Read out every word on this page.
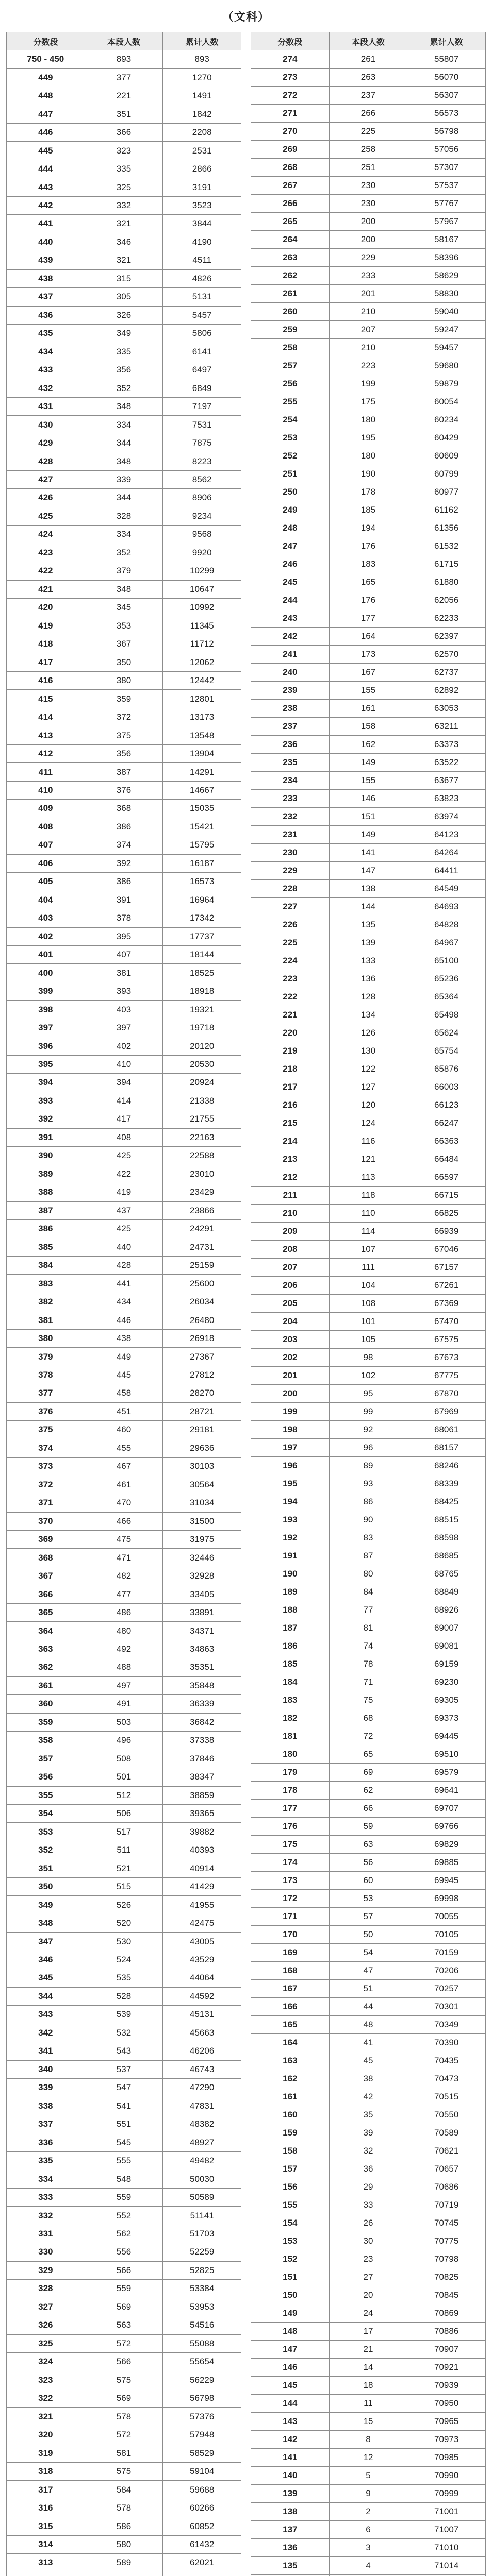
（文科）
分数段	本段人数	累计人数
750 - 450	893	893
449	377	1270
448	221	1491
447	351	1842
446	366	2208
445	323	2531
444	335	2866
443	325	3191
442	332	3523
441	321	3844
440	346	4190
439	321	4511
438	315	4826
437	305	5131
436	326	5457
435	349	5806
434	335	6141
433	356	6497
432	352	6849
431	348	7197
430	334	7531
429	344	7875
428	348	8223
427	339	8562
426	344	8906
425	328	9234
424	334	9568
423	352	9920
422	379	10299
421	348	10647
420	345	10992
419	353	11345
418	367	11712
417	350	12062
416	380	12442
415	359	12801
414	372	13173
413	375	13548
412	356	13904
411	387	14291
410	376	14667
409	368	15035
408	386	15421
407	374	15795
406	392	16187
405	386	16573
404	391	16964
403	378	17342
402	395	17737
401	407	18144
400	381	18525
399	393	18918
398	403	19321
397	397	19718
396	402	20120
395	410	20530
394	394	20924
393	414	21338
392	417	21755
391	408	22163
390	425	22588
389	422	23010
388	419	23429
387	437	23866
386	425	24291
385	440	24731
384	428	25159
383	441	25600
382	434	26034
381	446	26480
380	438	26918
379	449	27367
378	445	27812
377	458	28270
376	451	28721
375	460	29181
374	455	29636
373	467	30103
372	461	30564
371	470	31034
370	466	31500
369	475	31975
368	471	32446
367	482	32928
366	477	33405
365	486	33891
364	480	34371
363	492	34863
362	488	35351
361	497	35848
360	491	36339
359	503	36842
358	496	37338
357	508	37846
356	501	38347
355	512	38859
354	506	39365
353	517	39882
352	511	40393
351	521	40914
350	515	41429
349	526	41955
348	520	42475
347	530	43005
346	524	43529
345	535	44064
344	528	44592
343	539	45131
342	532	45663
341	543	46206
340	537	46743
339	547	47290
338	541	47831
337	551	48382
336	545	48927
335	555	49482
334	548	50030
333	559	50589
332	552	51141
331	562	51703
330	556	52259
329	566	52825
328	559	53384
327	569	53953
326	563	54516
325	572	55088
324	566	55654
323	575	56229
322	569	56798
321	578	57376
320	572	57948
319	581	58529
318	575	59104
317	584	59688
316	578	60266
315	586	60852
314	580	61432
313	589	62021

分数段	本段人数	累计人数
274	261	55807
273	263	56070
272	237	56307
271	266	56573
270	225	56798
269	258	57056
268	251	57307
267	230	57537
266	230	57767
265	200	57967
264	200	58167
263	229	58396
262	233	58629
261	201	58830
260	210	59040
259	207	59247
258	210	59457
257	223	59680
256	199	59879
255	175	60054
254	180	60234
253	195	60429
252	180	60609
251	190	60799
250	178	60977
249	185	61162
248	194	61356
247	176	61532
246	183	61715
245	165	61880
244	176	62056
243	177	62233
242	164	62397
241	173	62570
240	167	62737
239	155	62892
238	161	63053
237	158	63211
236	162	63373
235	149	63522
234	155	63677
233	146	63823
232	151	63974
231	149	64123
230	141	64264
229	147	64411
228	138	64549
227	144	64693
226	135	64828
225	139	64967
224	133	65100
223	136	65236
222	128	65364
221	134	65498
220	126	65624
219	130	65754
218	122	65876
217	127	66003
216	120	66123
215	124	66247
214	116	66363
213	121	66484
212	113	66597
211	118	66715
210	110	66825
209	114	66939
208	107	67046
207	111	67157
206	104	67261
205	108	67369
204	101	67470
203	105	67575
202	98	67673
201	102	67775
200	95	67870
199	99	67969
198	92	68061
197	96	68157
196	89	68246
195	93	68339
194	86	68425
193	90	68515
192	83	68598
191	87	68685
190	80	68765
189	84	68849
188	77	68926
187	81	69007
186	74	69081
185	78	69159
184	71	69230
183	75	69305
182	68	69373
181	72	69445
180	65	69510
179	69	69579
178	62	69641
177	66	69707
176	59	69766
175	63	69829
174	56	69885
173	60	69945
172	53	69998
171	57	70055
170	50	70105
169	54	70159
168	47	70206
167	51	70257
166	44	70301
165	48	70349
164	41	70390
163	45	70435
162	38	70473
161	42	70515
160	35	70550
159	39	70589
158	32	70621
157	36	70657
156	29	70686
155	33	70719
154	26	70745
153	30	70775
152	23	70798
151	27	70825
150	20	70845
149	24	70869
148	17	70886
147	21	70907
146	14	70921
145	18	70939
144	11	70950
143	15	70965
142	8	70973
141	12	70985
140	5	70990
139	9	70999
138	2	71001
137	6	71007
136	3	71010
135	4	71014
